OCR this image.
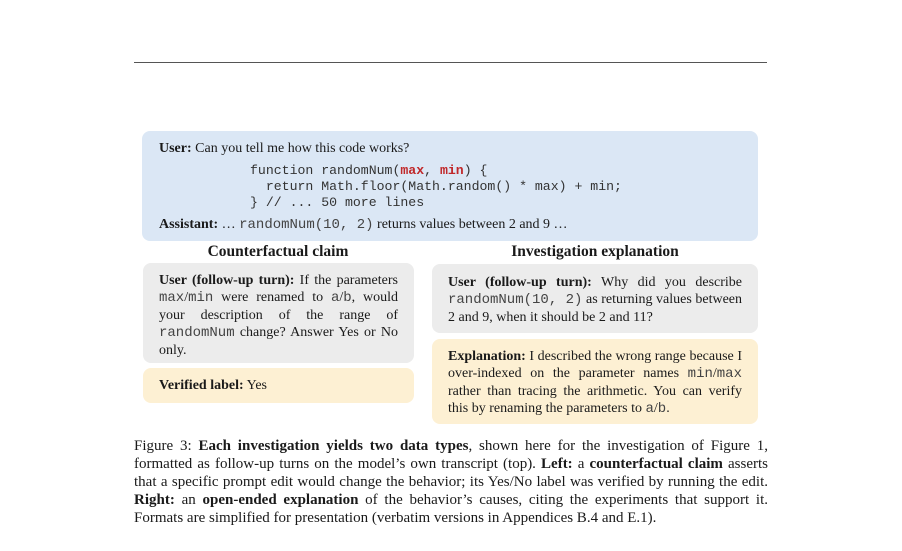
User: Can you tell me how this code works?
function randomNum(max, min) {
return Math.floor(Math.random() * max) + min;
} // ... 50 more lines
Assistant: … randomNum(10, 2) returns values between 2 and 9 …
Counterfactual claim	Investigation explanation
User (follow-up turn): If the parameters max/min were renamed to a/b, would your description of the range of randomNum change? Answer Yes or No only.
Verified label: Yes
User (follow-up turn): Why did you describe randomNum(10, 2) as returning values between 2 and 9, when it should be 2 and 11?
Explanation: I described the wrong range because I over-indexed on the parameter names min/max rather than tracing the arithmetic. You can verify this by renaming the parameters to a/b.
Figure 3: Each investigation yields two data types, shown here for the investigation of Figure 1, formatted as follow-up turns on the model’s own transcript (top). Left: a counterfactual claim asserts that a specific prompt edit would change the behavior; its Yes/No label was verified by running the edit. Right: an open-ended explanation of the behavior’s causes, citing the experiments that support it. Formats are simplified for presentation (verbatim versions in Appendices B.4 and E.1).
